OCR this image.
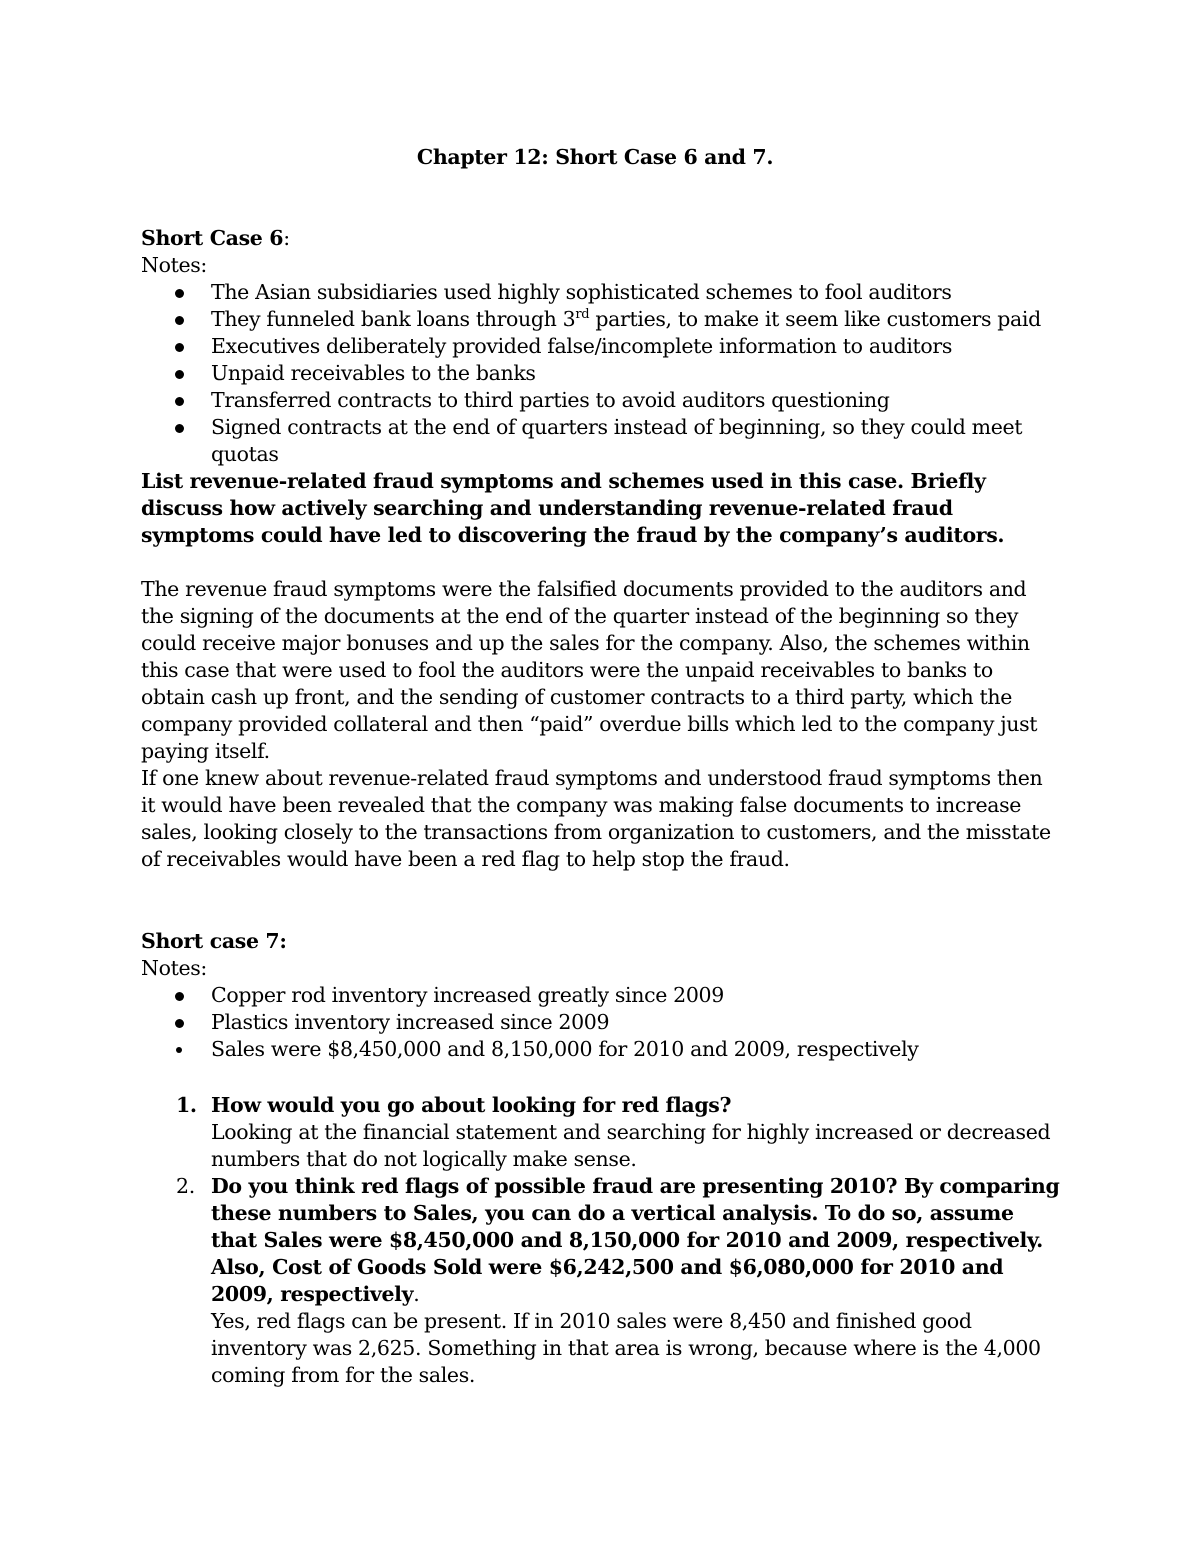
Chapter 12: Short Case 6 and 7.

Short Case 6:

Notes:

The Asian subsidiaries used highly sophisticated schemes to fool auditors
They funneled bank loans through 3rd parties, to make it seem like customers paid
Executives deliberately provided false/incomplete information to auditors
Unpaid receivables to the banks
Transferred contracts to third parties to avoid auditors questioning
Signed contracts at the end of quarters instead of beginning, so they could meet quotas

List revenue-related fraud symptoms and schemes used in this case. Briefly discuss how actively searching and understanding revenue-related fraud symptoms could have led to discovering the fraud by the company’s auditors.

The revenue fraud symptoms were the falsified documents provided to the auditors and the signing of the documents at the end of the quarter instead of the beginning so they could receive major bonuses and up the sales for the company. Also, the schemes within this case that were used to fool the auditors were the unpaid receivables to banks to obtain cash up front, and the sending of customer contracts to a third party, which the company provided collateral and then “paid” overdue bills which led to the company just paying itself.

If one knew about revenue-related fraud symptoms and understood fraud symptoms then it would have been revealed that the company was making false documents to increase sales, looking closely to the transactions from organization to customers, and the misstate of receivables would have been a red flag to help stop the fraud.

Short case 7:

Notes:

Copper rod inventory increased greatly since 2009
Plastics inventory increased since 2009
Sales were $8,450,000 and 8,150,000 for 2010 and 2009, respectively
1. How would you go about looking for red flags?

Looking at the financial statement and searching for highly increased or decreased numbers that do not logically make sense.

2. Do you think red flags of possible fraud are presenting 2010? By comparing these numbers to Sales, you can do a vertical analysis. To do so, assume that Sales were $8,450,000 and 8,150,000 for 2010 and 2009, respectively. Also, Cost of Goods Sold were $6,242,500 and $6,080,000 for 2010 and 2009, respectively.

Yes, red flags can be present. If in 2010 sales were 8,450 and finished good inventory was 2,625. Something in that area is wrong, because where is the 4,000 coming from for the sales.
